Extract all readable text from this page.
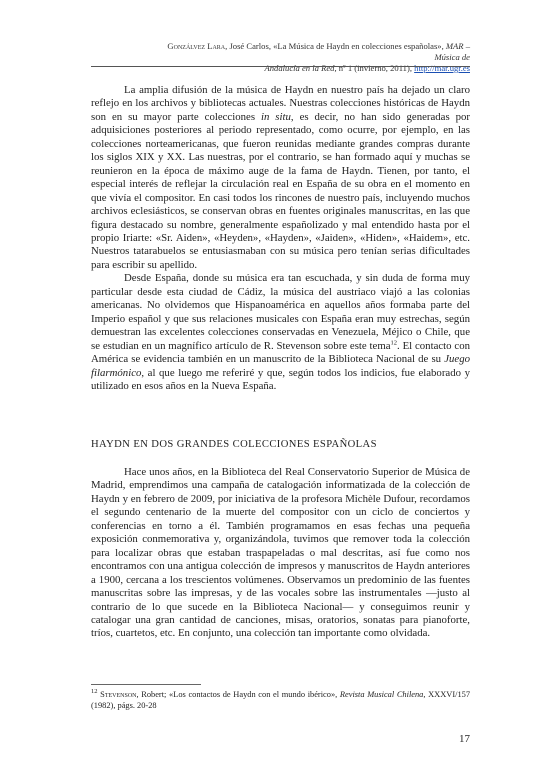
Gonzálvez Lara, José Carlos, «La Música de Haydn en colecciones españolas», MAR – Música de
Andalucía en la Red, nº 1 (invierno, 2011), http://mar.ugr.es

La amplia difusión de la música de Haydn en nuestro país ha dejado un claro reflejo en los archivos y bibliotecas actuales. Nuestras colecciones históricas de Haydn son en su mayor parte colecciones in situ, es decir, no han sido generadas por adquisiciones posteriores al periodo representado, como ocurre, por ejemplo, en las colecciones norteamericanas, que fueron reunidas mediante grandes compras durante los siglos XIX y XX. Las nuestras, por el contrario, se han formado aquí y muchas se reunieron en la época de máximo auge de la fama de Haydn. Tienen, por tanto, el especial interés de reflejar la circulación real en España de su obra en el momento en que vivía el compositor. En casi todos los rincones de nuestro país, incluyendo muchos archivos eclesiásticos, se conservan obras en fuentes originales manuscritas, en las que figura destacado su nombre, generalmente españolizado y mal entendido hasta por el propio Iriarte: «Sr. Aiden», «Heyden», «Hayden», «Jaiden», «Hiden», «Haidem», etc. Nuestros tatarabuelos se entusiasmaban con su música pero tenían serias dificultades para escribir su apellido.

Desde España, donde su música era tan escuchada, y sin duda de forma muy particular desde esta ciudad de Cádiz, la música del austriaco viajó a las colonias americanas. No olvidemos que Hispanoamérica en aquellos años formaba parte del Imperio español y que sus relaciones musicales con España eran muy estrechas, según demuestran las excelentes colecciones conservadas en Venezuela, Méjico o Chile, que se estudian en un magnífico artículo de R. Stevenson sobre este tema$^{12}$. El contacto con América se evidencia también en un manuscrito de la Biblioteca Nacional de su Juego filarmónico, al que luego me referiré y que, según todos los indicios, fue elaborado y utilizado en esos años en la Nueva España.

HAYDN EN DOS GRANDES COLECCIONES ESPAÑOLAS

Hace unos años, en la Biblioteca del Real Conservatorio Superior de Música de Madrid, emprendimos una campaña de catalogación informatizada de la colección de Haydn y en febrero de 2009, por iniciativa de la profesora Michèle Dufour, recordamos el segundo centenario de la muerte del compositor con un ciclo de conciertos y conferencias en torno a él. También programamos en esas fechas una pequeña exposición conmemorativa y, organizándola, tuvimos que remover toda la colección para localizar obras que estaban traspapeladas o mal descritas, así fue como nos encontramos con una antigua colección de impresos y manuscritos de Haydn anteriores a 1900, cercana a los trescientos volúmenes. Observamos un predominio de las fuentes manuscritas sobre las impresas, y de las vocales sobre las instrumentales —justo al contrario de lo que sucede en la Biblioteca Nacional— y conseguimos reunir y catalogar una gran cantidad de canciones, misas, oratorios, sonatas para pianoforte, tríos, cuartetos, etc. En conjunto, una colección tan importante como olvidada.

$^{12}$ Stevenson, Robert; «Los contactos de Haydn con el mundo ibérico», Revista Musical Chilena, XXXVI/157 (1982), págs. 20-28
17
